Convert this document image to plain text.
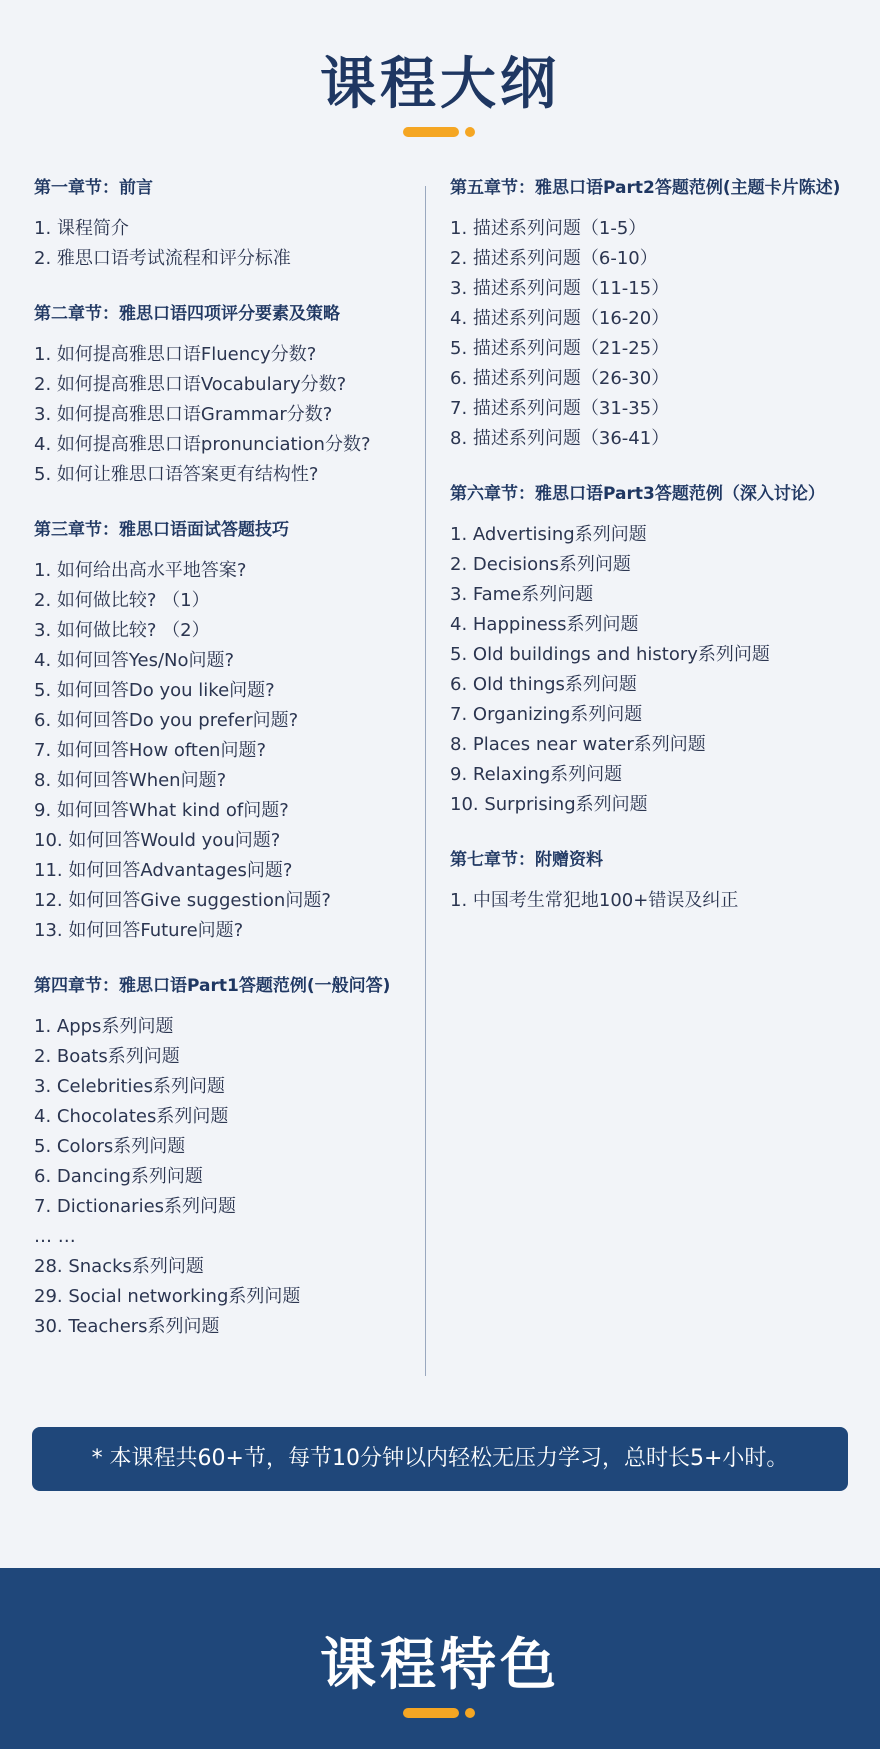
课程大纲
第一章节：前言
1. 课程简介
2. 雅思口语考试流程和评分标准
第二章节：雅思口语四项评分要素及策略
1. 如何提高雅思口语Fluency分数?
2. 如何提高雅思口语Vocabulary分数?
3. 如何提高雅思口语Grammar分数?
4. 如何提高雅思口语pronunciation分数?
5. 如何让雅思口语答案更有结构性?
第三章节：雅思口语面试答题技巧
1. 如何给出高水平地答案?
2. 如何做比较? （1）
3. 如何做比较? （2）
4. 如何回答Yes/No问题?
5. 如何回答Do you like问题?
6. 如何回答Do you prefer问题?
7. 如何回答How often问题?
8. 如何回答When问题?
9. 如何回答What kind of问题?
10. 如何回答Would you问题?
11. 如何回答Advantages问题?
12. 如何回答Give suggestion问题?
13. 如何回答Future问题?
第四章节：雅思口语Part1答题范例(一般问答)
1. Apps系列问题
2. Boats系列问题
3. Celebrities系列问题
4. Chocolates系列问题
5. Colors系列问题
6. Dancing系列问题
7. Dictionaries系列问题
… …
28. Snacks系列问题
29. Social networking系列问题
30. Teachers系列问题
第五章节：雅思口语Part2答题范例(主题卡片陈述)
1. 描述系列问题（1-5）
2. 描述系列问题（6-10）
3. 描述系列问题（11-15）
4. 描述系列问题（16-20）
5. 描述系列问题（21-25）
6. 描述系列问题（26-30）
7. 描述系列问题（31-35）
8. 描述系列问题（36-41）
第六章节：雅思口语Part3答题范例（深入讨论）
1. Advertising系列问题
2. Decisions系列问题
3. Fame系列问题
4. Happiness系列问题
5. Old buildings and history系列问题
6. Old things系列问题
7. Organizing系列问题
8. Places near water系列问题
9. Relaxing系列问题
10. Surprising系列问题
第七章节：附赠资料
1. 中国考生常犯地100+错误及纠正
* 本课程共60+节，每节10分钟以内轻松无压力学习，总时长5+小时。
课程特色
